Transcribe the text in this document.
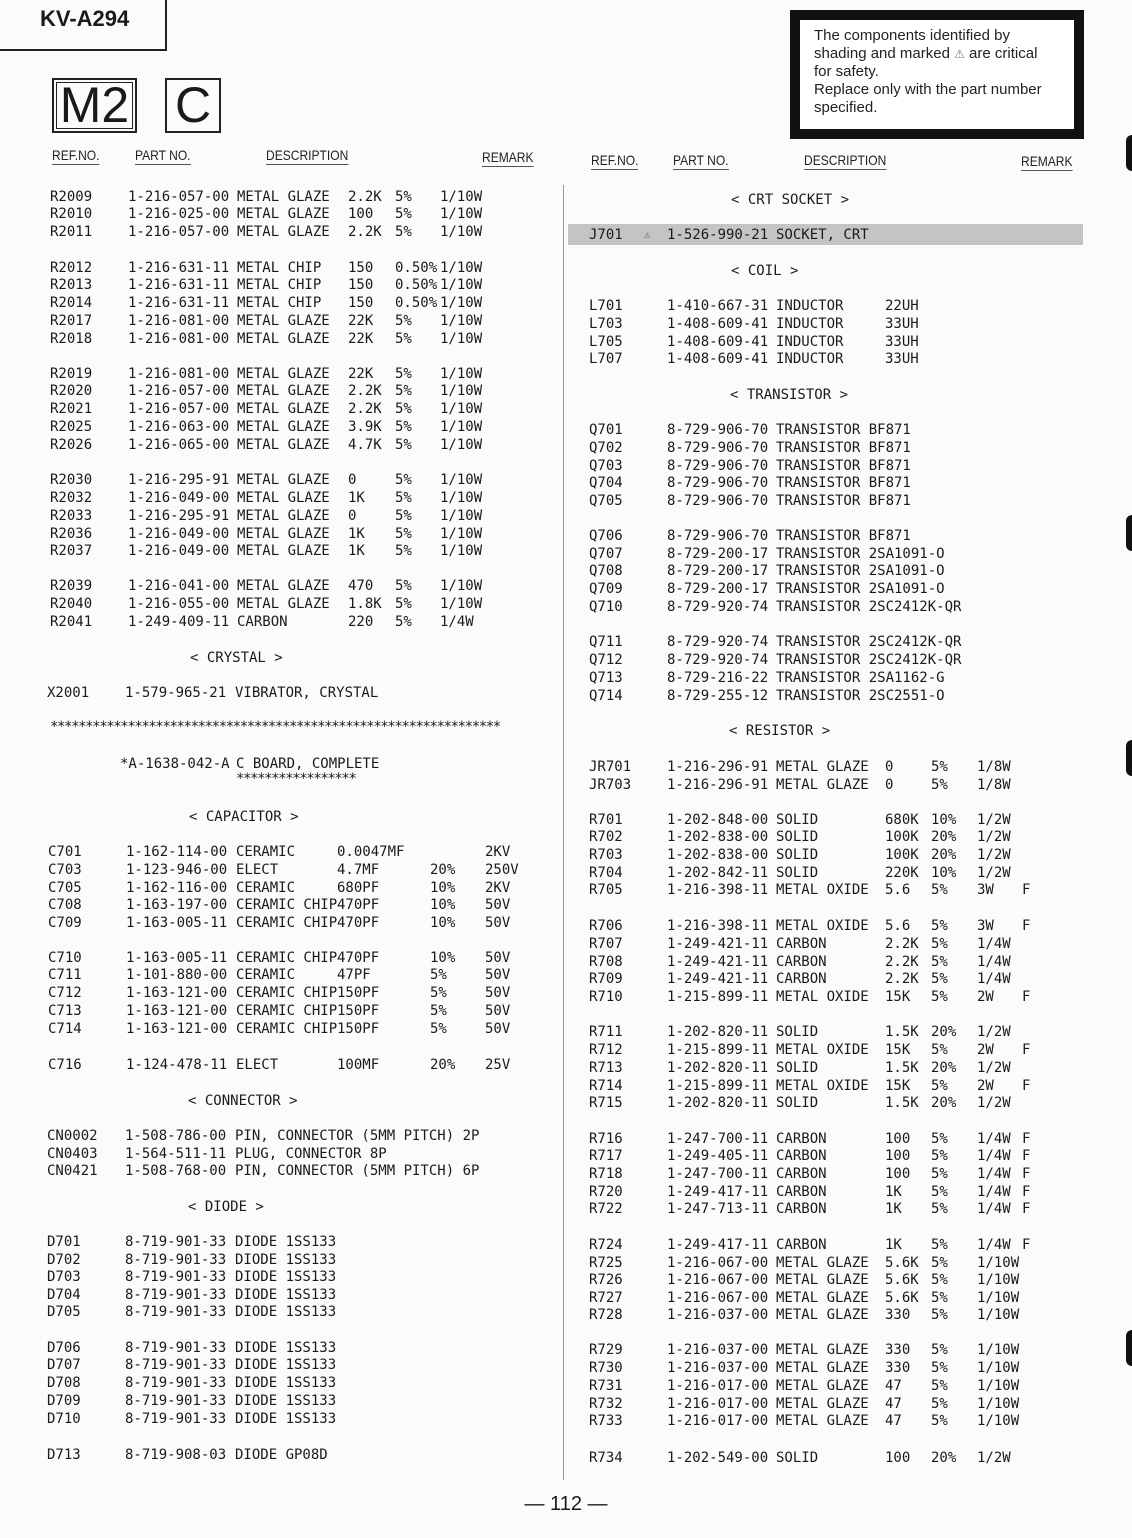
KV-A294
M2 C
The components identified by
shading and marked ⚠ are critical
for safety.
Replace only with the part number
specified.
REF.NO.	PART NO.	DESCRIPTION	REMARK	REF.NO. PART NO.	DESCRIPTION	REMARK
< CRYSTAL >
****************************************************************

*A-1638-042-A

C BOARD, COMPLETE

*****************
< CAPACITOR >
< CONNECTOR >
< DIODE >
< CRT SOCKET >
< COIL >
< TRANSISTOR >
< RESISTOR >
⚠
R2009	1-216-057-00 METAL GLAZE 2.2K 5% 1/10W
R2010	1-216-025-00 METAL GLAZE 100 5% 1/10W
R2011	1-216-057-00 METAL GLAZE 2.2K 5% 1/10W
R2012	1-216-631-11 METAL CHIP 150 0.50% 1/10W
R2013	1-216-631-11 METAL CHIP 150 0.50% 1/10W
R2014	1-216-631-11 METAL CHIP 150 0.50% 1/10W
R2017	1-216-081-00 METAL GLAZE 22K 5% 1/10W
R2018	1-216-081-00 METAL GLAZE 22K 5% 1/10W
R2019	1-216-081-00 METAL GLAZE 22K 5% 1/10W
R2020	1-216-057-00 METAL GLAZE 2.2K 5% 1/10W
R2021	1-216-057-00 METAL GLAZE 2.2K 5% 1/10W
R2025	1-216-063-00 METAL GLAZE 3.9K 5% 1/10W
R2026	1-216-065-00 METAL GLAZE 4.7K 5% 1/10W
R2030	1-216-295-91 METAL GLAZE 0	5% 1/10W
R2032	1-216-049-00 METAL GLAZE 1K 5% 1/10W
R2033	1-216-295-91 METAL GLAZE 0	5% 1/10W
R2036	1-216-049-00 METAL GLAZE 1K 5% 1/10W
R2037	1-216-049-00 METAL GLAZE 1K 5% 1/10W
R2039	1-216-041-00 METAL GLAZE 470 5% 1/10W
R2040	1-216-055-00 METAL GLAZE 1.8K 5% 1/10W
R2041	1-249-409-11 CARBON	220 5% 1/4W
X2001	1-579-965-21 VIBRATOR, CRYSTAL
C701	1-162-114-00 CERAMIC	0.0047MF	2KV
C703	1-123-946-00 ELECT	4.7MF	20% 250V
C705	1-162-116-00 CERAMIC	680PF	10% 2KV
C708	1-163-197-00 CERAMIC CHIP 470PF	10% 50V
C709	1-163-005-11 CERAMIC CHIP 470PF	10% 50V
C710	1-163-005-11 CERAMIC CHIP 470PF	10% 50V
C711	1-101-880-00 CERAMIC	47PF	5%	50V
C712	1-163-121-00 CERAMIC CHIP 150PF	5%	50V
C713	1-163-121-00 CERAMIC CHIP 150PF	5%	50V
C714	1-163-121-00 CERAMIC CHIP 150PF	5%	50V
C716	1-124-478-11 ELECT	100MF	20% 25V
CN0002 1-508-786-00 PIN, CONNECTOR (5MM PITCH) 2P
CN0403 1-564-511-11 PLUG, CONNECTOR 8P
CN0421 1-508-768-00 PIN, CONNECTOR (5MM PITCH) 6P
D701	8-719-901-33 DIODE 1SS133
D702	8-719-901-33 DIODE 1SS133
D703	8-719-901-33 DIODE 1SS133
D704	8-719-901-33 DIODE 1SS133
D705	8-719-901-33 DIODE 1SS133
D706	8-719-901-33 DIODE 1SS133
D707	8-719-901-33 DIODE 1SS133
D708	8-719-901-33 DIODE 1SS133
D709	8-719-901-33 DIODE 1SS133
D710	8-719-901-33 DIODE 1SS133
D713	8-719-908-03 DIODE GP08D
J701	1-526-990-21 SOCKET, CRT
L701	1-410-667-31 INDUCTOR	22UH
L703	1-408-609-41 INDUCTOR	33UH
L705	1-408-609-41 INDUCTOR	33UH
L707	1-408-609-41 INDUCTOR	33UH
Q701	8-729-906-70 TRANSISTOR BF871
Q702	8-729-906-70 TRANSISTOR BF871
Q703	8-729-906-70 TRANSISTOR BF871
Q704	8-729-906-70 TRANSISTOR BF871
Q705	8-729-906-70 TRANSISTOR BF871
Q706	8-729-906-70 TRANSISTOR BF871
Q707	8-729-200-17 TRANSISTOR 2SA1091-O
Q708	8-729-200-17 TRANSISTOR 2SA1091-O
Q709	8-729-200-17 TRANSISTOR 2SA1091-O
Q710	8-729-920-74 TRANSISTOR 2SC2412K-QR
Q711	8-729-920-74 TRANSISTOR 2SC2412K-QR
Q712	8-729-920-74 TRANSISTOR 2SC2412K-QR
Q713	8-729-216-22 TRANSISTOR 2SA1162-G
Q714	8-729-255-12 TRANSISTOR 2SC2551-O
JR701	1-216-296-91 METAL GLAZE 0	5% 1/8W
JR703	1-216-296-91 METAL GLAZE 0	5% 1/8W
R701	1-202-848-00 SOLID	680K 10% 1/2W
R702	1-202-838-00 SOLID	100K 20% 1/2W
R703	1-202-838-00 SOLID	100K 20% 1/2W
R704	1-202-842-11 SOLID	220K 10% 1/2W
R705	1-216-398-11 METAL OXIDE 5.6 5% 3W F
R706	1-216-398-11 METAL OXIDE 5.6 5% 3W F
R707	1-249-421-11 CARBON	2.2K 5% 1/4W
R708	1-249-421-11 CARBON	2.2K 5% 1/4W
R709	1-249-421-11 CARBON	2.2K 5% 1/4W
R710	1-215-899-11 METAL OXIDE 15K 5% 2W F
R711	1-202-820-11 SOLID	1.5K 20% 1/2W
R712	1-215-899-11 METAL OXIDE 15K 5% 2W F
R713	1-202-820-11 SOLID	1.5K 20% 1/2W
R714	1-215-899-11 METAL OXIDE 15K 5% 2W F
R715	1-202-820-11 SOLID	1.5K 20% 1/2W
R716	1-247-700-11 CARBON	100 5% 1/4W F
R717	1-249-405-11 CARBON	100 5% 1/4W F
R718	1-247-700-11 CARBON	100 5% 1/4W F
R720	1-249-417-11 CARBON	1K 5% 1/4W F
R722	1-247-713-11 CARBON	1K 5% 1/4W F
R724	1-249-417-11 CARBON	1K 5% 1/4W F
R725	1-216-067-00 METAL GLAZE 5.6K 5% 1/10W
R726	1-216-067-00 METAL GLAZE 5.6K 5% 1/10W
R727	1-216-067-00 METAL GLAZE 5.6K 5% 1/10W
R728	1-216-037-00 METAL GLAZE 330 5% 1/10W
R729	1-216-037-00 METAL GLAZE 330 5% 1/10W
R730	1-216-037-00 METAL GLAZE 330 5% 1/10W
R731	1-216-017-00 METAL GLAZE 47 5% 1/10W
R732	1-216-017-00 METAL GLAZE 47 5% 1/10W
R733	1-216-017-00 METAL GLAZE 47 5% 1/10W
R734	1-202-549-00 SOLID	100 20% 1/2W
— 112 —
